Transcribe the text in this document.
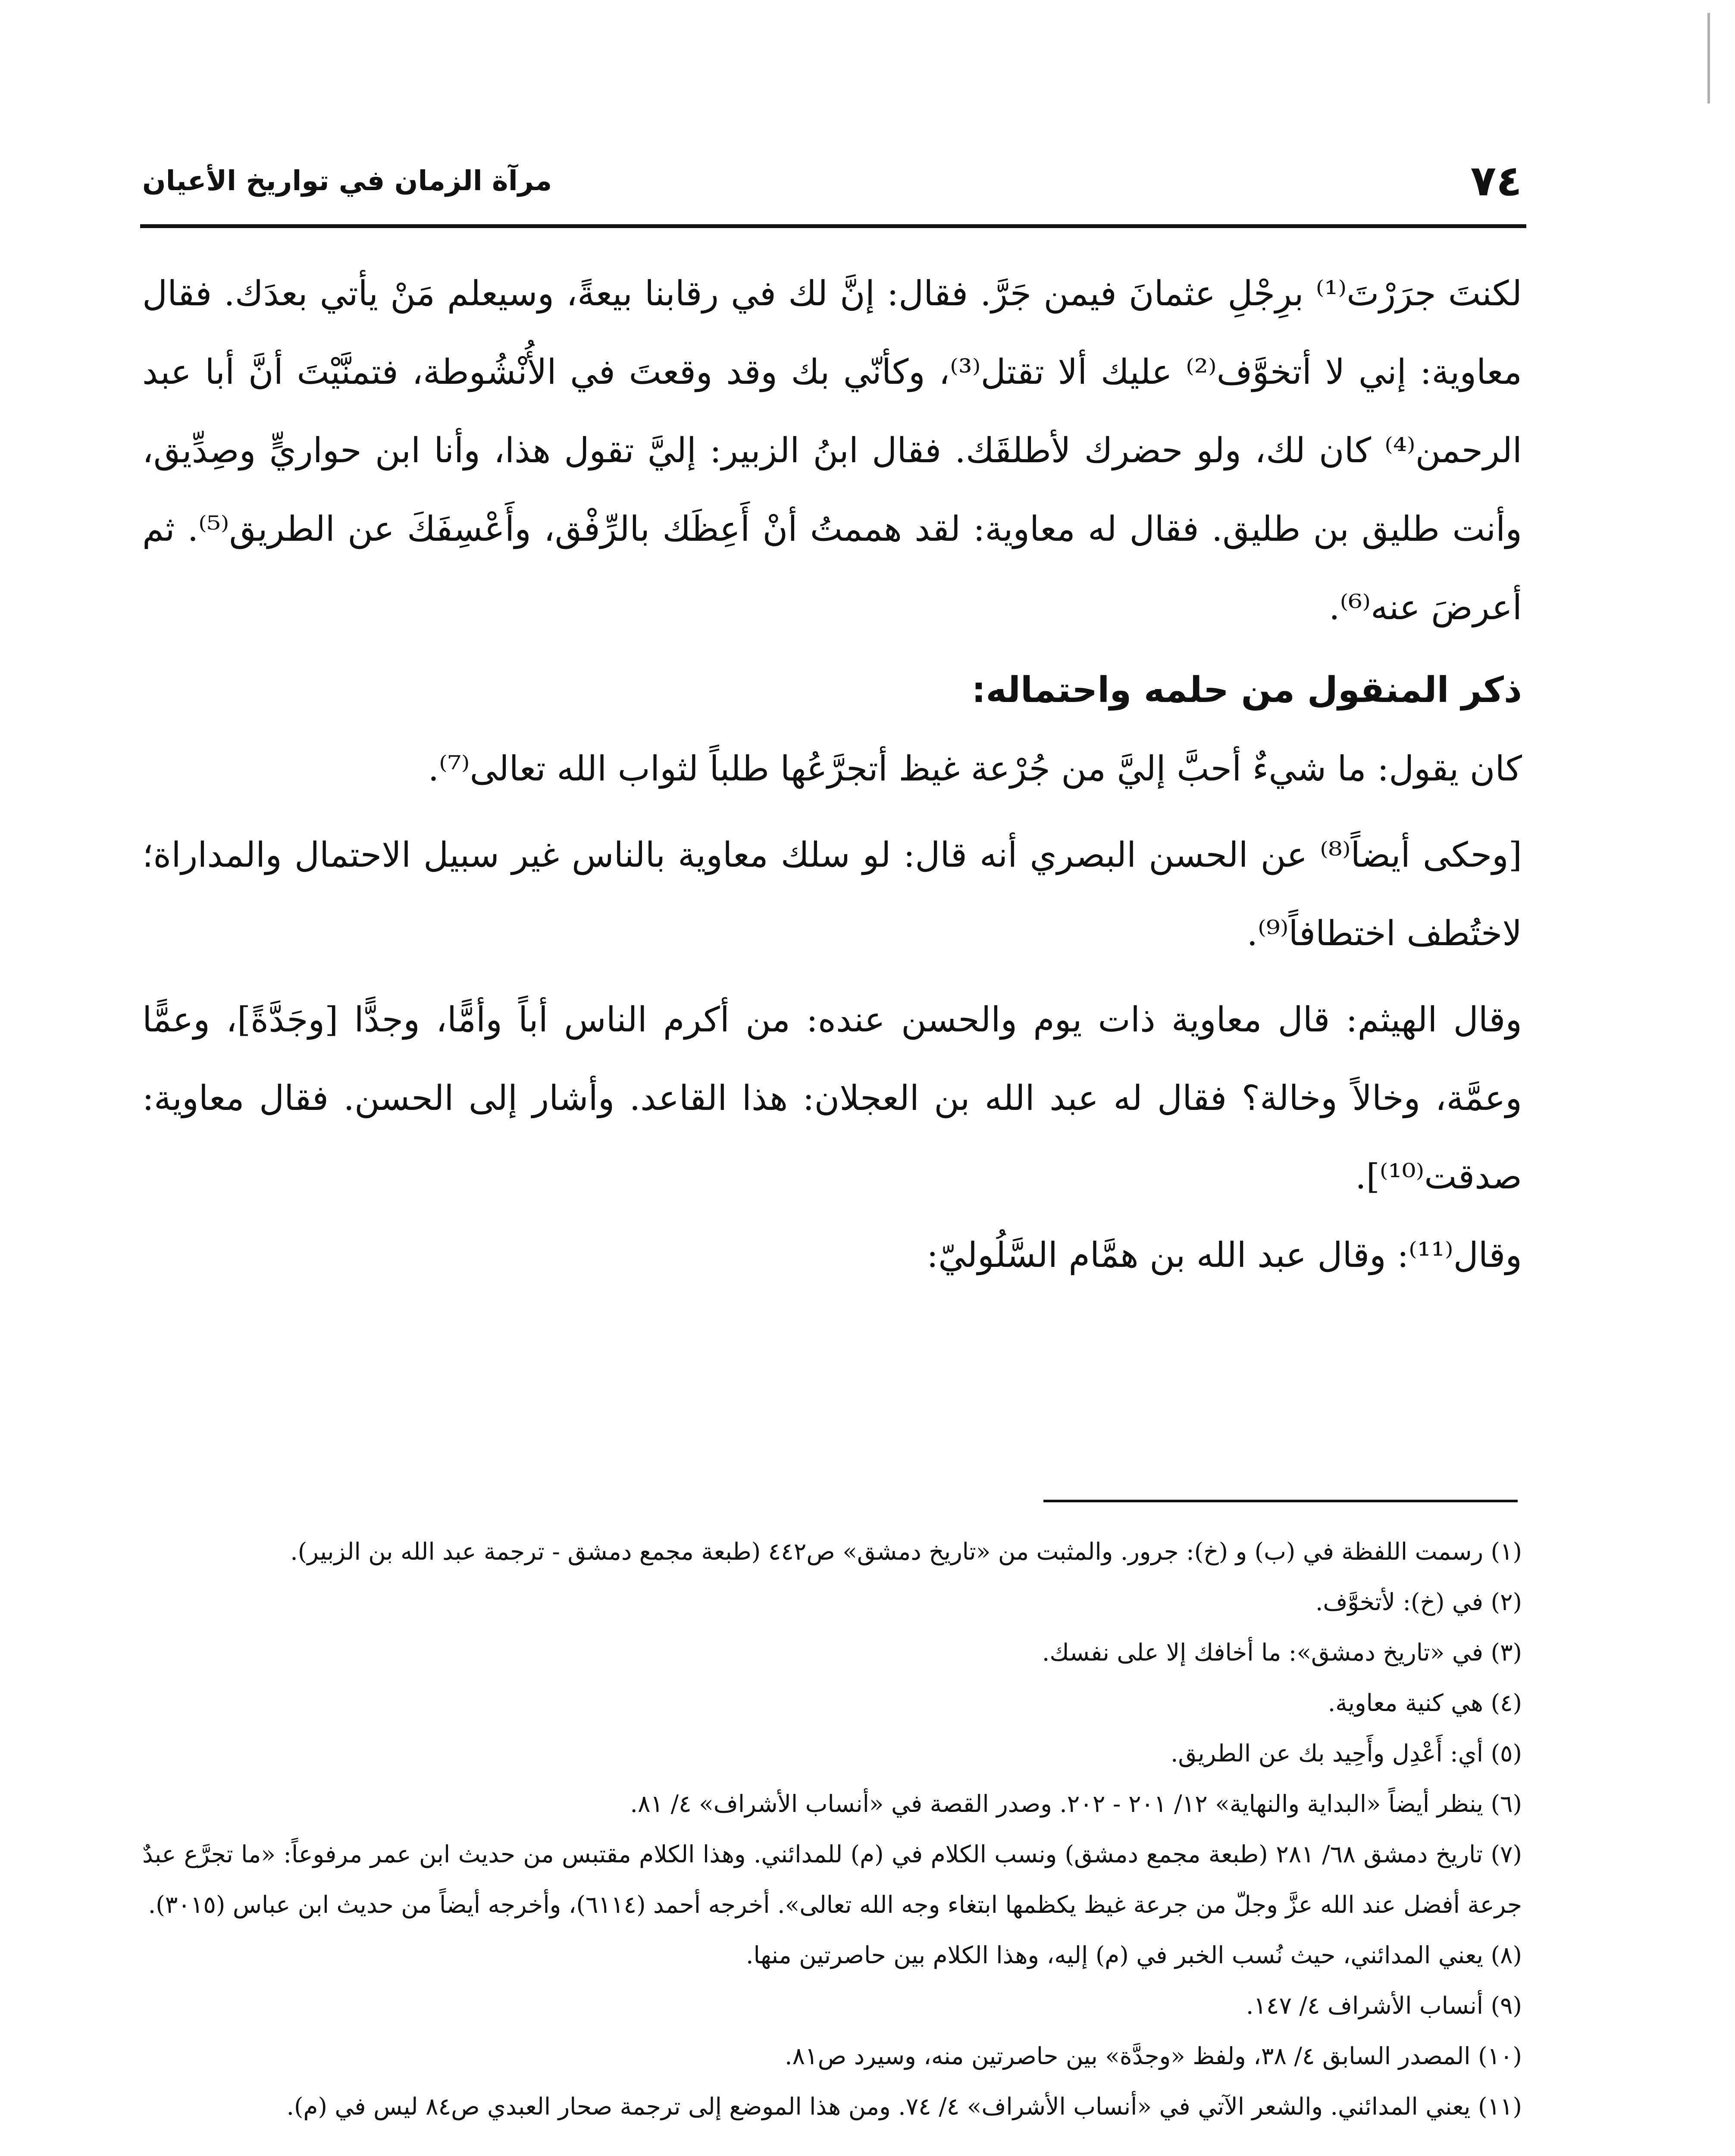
٧٤
مرآة الزمان في تواريخ الأعيان

لكنتَ جرَرْتَ⁽¹⁾ برِجْلِ عثمانَ فيمن جَرَّ. فقال: إنَّ لك في رقابنا بيعةً، وسيعلم مَنْ يأتي بعدَك. فقال معاوية: إني لا أتخوَّف⁽²⁾ عليك ألا تقتل⁽³⁾، وكأنّي بك وقد وقعتَ في الأُنْشُوطة، فتمنَّيْتَ أنَّ أبا عبد الرحمن⁽⁴⁾ كان لك، ولو حضرك لأطلقَك. فقال ابنُ الزبير: إليَّ تقول هذا، وأنا ابن حواريٍّ وصِدِّيق، وأنت طليق بن طليق. فقال له معاوية: لقد هممتُ أنْ أَعِظَك بالرِّفْق، وأَعْسِفَكَ عن الطريق⁽⁵⁾. ثم أعرضَ عنه⁽⁶⁾.

ذكر المنقول من حلمه واحتماله:

كان يقول: ما شيءٌ أحبَّ إليَّ من جُرْعة غيظ أتجرَّعُها طلباً لثواب الله تعالى⁽⁷⁾.

[وحكى أيضاً⁽⁸⁾ عن الحسن البصري أنه قال: لو سلك معاوية بالناس غير سبيل الاحتمال والمداراة؛ لاختُطف اختطافاً⁽⁹⁾.

وقال الهيثم: قال معاوية ذات يوم والحسن عنده: من أكرم الناس أباً وأمًّا، وجدًّا [وجَدَّةً]، وعمًّا وعمَّة، وخالاً وخالة؟ فقال له عبد الله بن العجلان: هذا القاعد. وأشار إلى الحسن. فقال معاوية: صدقت⁽¹⁰⁾].

وقال⁽¹¹⁾: وقال عبد الله بن همَّام السَّلُوليّ:

(١) رسمت اللفظة في (ب) و (خ): جرور. والمثبت من «تاريخ دمشق» ص٤٤٢ (طبعة مجمع دمشق - ترجمة عبد الله بن الزبير).

(٢) في (خ): لأتخوَّف.

(٣) في «تاريخ دمشق»: ما أخافك إلا على نفسك.

(٤) هي كنية معاوية.

(٥) أي: أَعْدِل وأَحِيد بك عن الطريق.

(٦) ينظر أيضاً «البداية والنهاية» ١٢/ ٢٠١ - ٢٠٢. وصدر القصة في «أنساب الأشراف» ٤/ ٨١.

(٧) تاريخ دمشق ٦٨/ ٢٨١ (طبعة مجمع دمشق) ونسب الكلام في (م) للمدائني. وهذا الكلام مقتبس من حديث ابن عمر مرفوعاً: «ما تجرَّع عبدٌ جرعة أفضل عند الله عزَّ وجلّ من جرعة غيظ يكظمها ابتغاء وجه الله تعالى». أخرجه أحمد (٦١١٤)، وأخرجه أيضاً من حديث ابن عباس (٣٠١٥).

(٨) يعني المدائني، حيث نُسب الخبر في (م) إليه، وهذا الكلام بين حاصرتين منها.

(٩) أنساب الأشراف ٤/ ١٤٧.

(١٠) المصدر السابق ٤/ ٣٨، ولفظ «وجدَّة» بين حاصرتين منه، وسيرد ص٨١.

(١١) يعني المدائني. والشعر الآتي في «أنساب الأشراف» ٤/ ٧٤. ومن هذا الموضع إلى ترجمة صحار العبدي ص٨٤ ليس في (م).
